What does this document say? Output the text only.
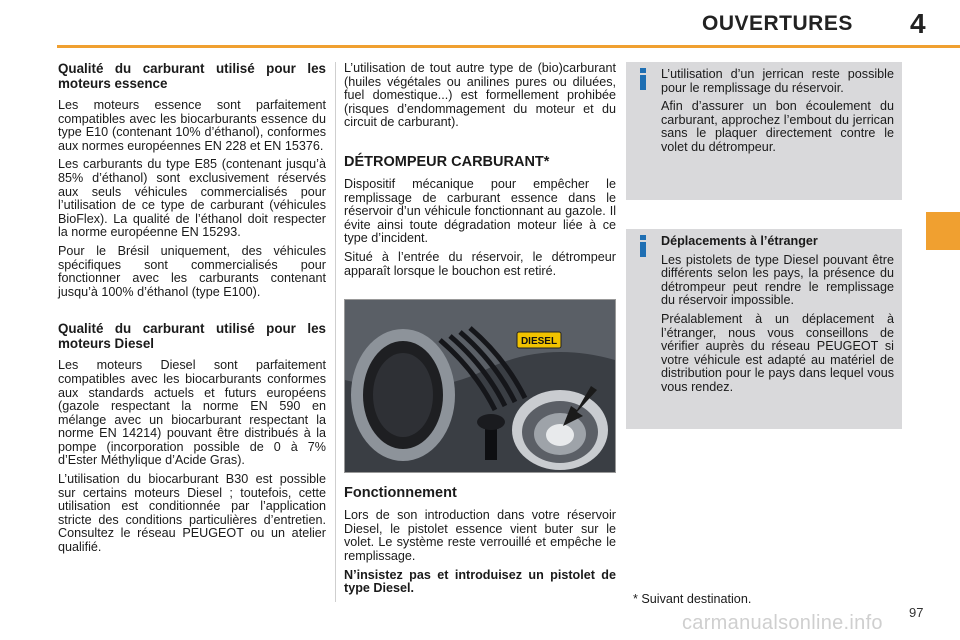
OUVERTURES 4
Qualité du carburant utilisé pour les moteurs essence

Les moteurs essence sont parfaitement compatibles avec les biocarburants essence du type E10 (contenant 10% d’éthanol), conformes aux normes européennes EN 228 et EN 15376.

Les carburants du type E85 (contenant jusqu’à 85% d’éthanol) sont exclusivement réservés aux seuls véhicules commercialisés pour l’utilisation de ce type de carburant (véhicules BioFlex). La qualité de l’éthanol doit respecter la norme européenne EN 15293.

Pour le Brésil uniquement, des véhicules spécifiques sont commercialisés pour fonctionner avec les carburants contenant jusqu’à 100% d’éthanol (type E100).

Qualité du carburant utilisé pour les moteurs Diesel

Les moteurs Diesel sont parfaitement compatibles avec les biocarburants conformes aux standards actuels et futurs européens (gazole respectant la norme EN 590 en mélange avec un biocarburant respectant la norme EN 14214) pouvant être distribués à la pompe (incorporation possible de 0 à 7% d’Ester Méthylique d’Acide Gras).

L’utilisation du biocarburant B30 est possible sur certains moteurs Diesel ; toutefois, cette utilisation est conditionnée par l’application stricte des conditions particulières d’entretien. Consultez le réseau PEUGEOT ou un atelier qualifié.

L’utilisation de tout autre type de (bio)carburant (huiles végétales ou anilines pures ou diluées, fuel domestique...) est formellement prohibée (risques d’endommagement du moteur et du circuit de carburant).

DÉTROMPEUR CARBURANT*

Dispositif mécanique pour empêcher le remplissage de carburant essence dans le réservoir d’un véhicule fonctionnant au gazole. Il évite ainsi toute dégradation moteur liée à ce type d’incident.

Situé à l’entrée du réservoir, le détrompeur apparaît lorsque le bouchon est retiré.

DIESEL
Fonctionnement

Lors de son introduction dans votre réservoir Diesel, le pistolet essence vient buter sur le volet. Le système reste verrouillé et empêche le remplissage.

N’insistez pas et introduisez un pistolet de type Diesel.

L’utilisation d’un jerrican reste possible pour le remplissage du réservoir.

Afin d’assurer un bon écoulement du carburant, approchez l’embout du jerrican sans le plaquer directement contre le volet du détrompeur.

Déplacements à l’étranger

Les pistolets de type Diesel pouvant être différents selon les pays, la présence du détrompeur peut rendre le remplissage du réservoir impossible.

Préalablement à un déplacement à l’étranger, nous vous conseillons de vérifier auprès du réseau PEUGEOT si votre véhicule est adapté au matériel de distribution pour le pays dans lequel vous vous rendez.

* Suivant destination.
carmanualsonline.info 97
